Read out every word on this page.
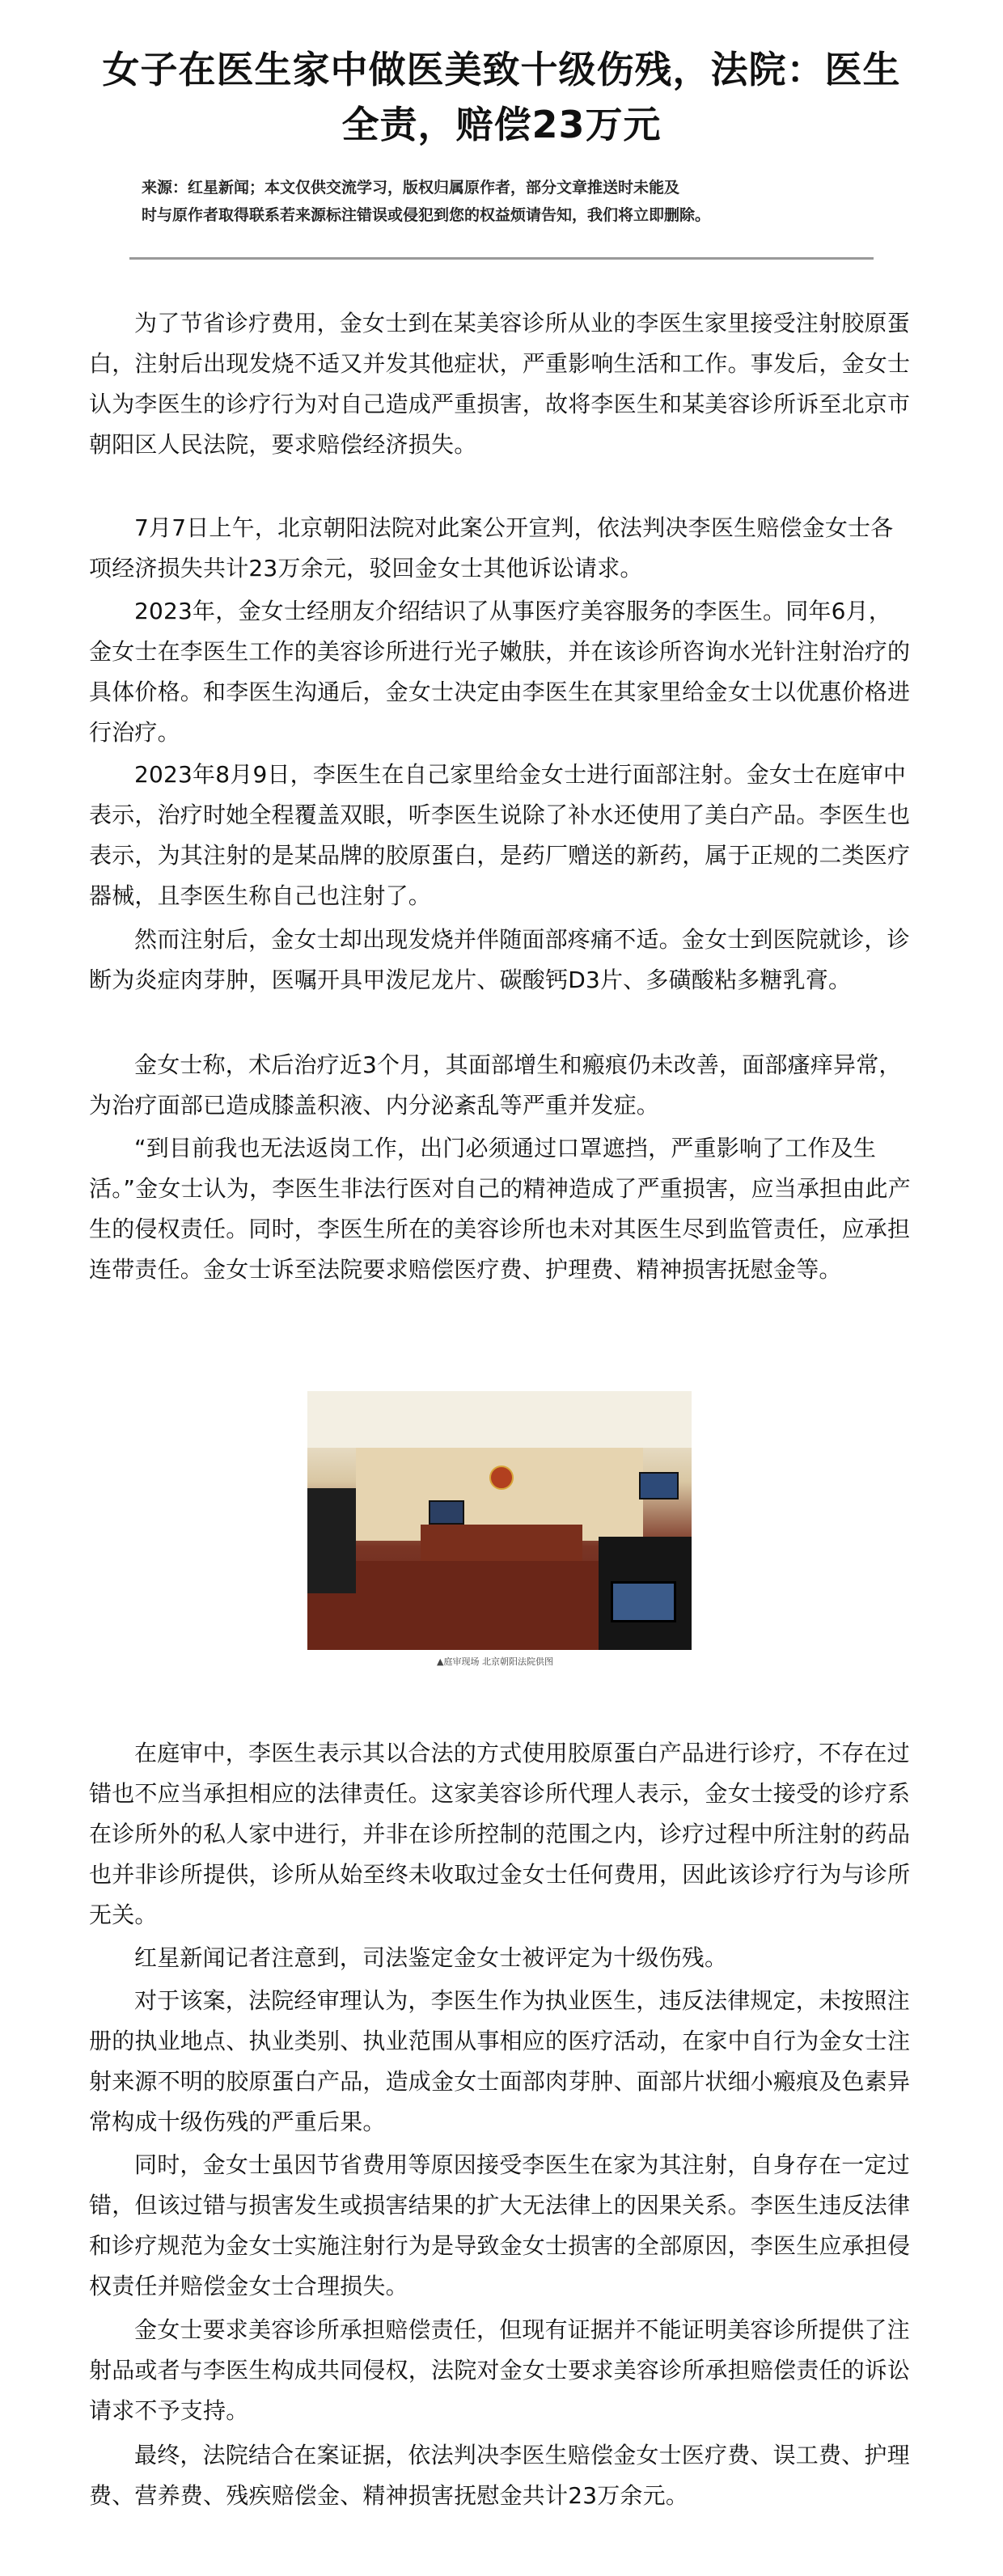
女子在医生家中做医美致十级伤残，法院：医生
全责，赔偿23万元
来源：红星新闻；本文仅供交流学习，版权归属原作者，部分文章推送时未能及
时与原作者取得联系若来源标注错误或侵犯到您的权益烦请告知，我们将立即删除。

为了节省诊疗费用，金女士到在某美容诊所从业的李医生家里接受注射胶原蛋白，注射后出现发烧不适又并发其他症状，严重影响生活和工作。事发后，金女士认为李医生的诊疗行为对自己造成严重损害，故将李医生和某美容诊所诉至北京市朝阳区人民法院，要求赔偿经济损失。

7月7日上午，北京朝阳法院对此案公开宣判，依法判决李医生赔偿金女士各项经济损失共计23万余元，驳回金女士其他诉讼请求。

2023年，金女士经朋友介绍结识了从事医疗美容服务的李医生。同年6月，金女士在李医生工作的美容诊所进行光子嫩肤，并在该诊所咨询水光针注射治疗的具体价格。和李医生沟通后，金女士决定由李医生在其家里给金女士以优惠价格进行治疗。

2023年8月9日，李医生在自己家里给金女士进行面部注射。金女士在庭审中表示，治疗时她全程覆盖双眼，听李医生说除了补水还使用了美白产品。李医生也表示，为其注射的是某品牌的胶原蛋白，是药厂赠送的新药，属于正规的二类医疗器械，且李医生称自己也注射了。

然而注射后，金女士却出现发烧并伴随面部疼痛不适。金女士到医院就诊，诊断为炎症肉芽肿，医嘱开具甲泼尼龙片、碳酸钙D3片、多磺酸粘多糖乳膏。

金女士称，术后治疗近3个月，其面部增生和瘢痕仍未改善，面部瘙痒异常，为治疗面部已造成膝盖积液、内分泌紊乱等严重并发症。

“到目前我也无法返岗工作，出门必须通过口罩遮挡，严重影响了工作及生活。”金女士认为，李医生非法行医对自己的精神造成了严重损害，应当承担由此产生的侵权责任。同时，李医生所在的美容诊所也未对其医生尽到监管责任，应承担连带责任。金女士诉至法院要求赔偿医疗费、护理费、精神损害抚慰金等。

▲庭审现场 北京朝阳法院供图

在庭审中，李医生表示其以合法的方式使用胶原蛋白产品进行诊疗，不存在过错也不应当承担相应的法律责任。这家美容诊所代理人表示，金女士接受的诊疗系在诊所外的私人家中进行，并非在诊所控制的范围之内，诊疗过程中所注射的药品也并非诊所提供，诊所从始至终未收取过金女士任何费用，因此该诊疗行为与诊所无关。

红星新闻记者注意到，司法鉴定金女士被评定为十级伤残。

对于该案，法院经审理认为，李医生作为执业医生，违反法律规定，未按照注册的执业地点、执业类别、执业范围从事相应的医疗活动，在家中自行为金女士注射来源不明的胶原蛋白产品，造成金女士面部肉芽肿、面部片状细小瘢痕及色素异常构成十级伤残的严重后果。

同时，金女士虽因节省费用等原因接受李医生在家为其注射，自身存在一定过错，但该过错与损害发生或损害结果的扩大无法律上的因果关系。李医生违反法律和诊疗规范为金女士实施注射行为是导致金女士损害的全部原因，李医生应承担侵权责任并赔偿金女士合理损失。

金女士要求美容诊所承担赔偿责任，但现有证据并不能证明美容诊所提供了注射品或者与李医生构成共同侵权，法院对金女士要求美容诊所承担赔偿责任的诉讼请求不予支持。

最终，法院结合在案证据，依法判决李医生赔偿金女士医疗费、误工费、护理费、营养费、残疾赔偿金、精神损害抚慰金共计23万余元。
